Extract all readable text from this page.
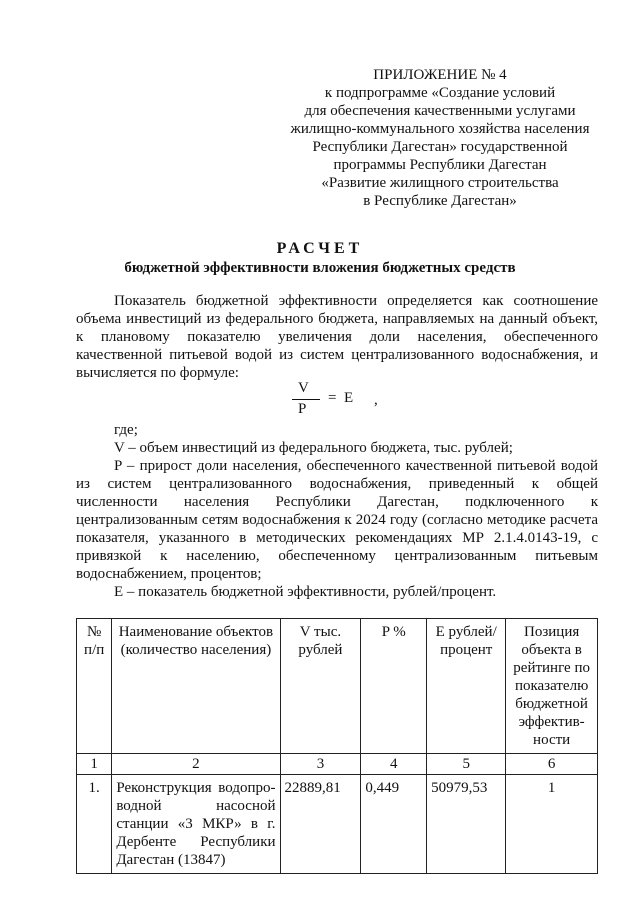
ПРИЛОЖЕНИЕ № 4
к подпрограмме «Создание условий
для обеспечения качественными услугами
жилищно-коммунального хозяйства населения
Республики Дагестан» государственной
программы Республики Дагестан
«Развитие жилищного строительства
в Республике Дагестан»
РАСЧЕТ
бюджетной эффективности вложения бюджетных средств

Показатель бюджетной эффективности определяется как соотношение объема инвестиций из федерального бюджета, направляемых на данный объект, к плановому показателю увеличения доли населения, обеспеченного качественной питьевой водой из систем централизованного водоснабжения, и вычисляется по формуле:

V
P
= E ,

где;

V – объем инвестиций из федерального бюджета, тыс. рублей;

P – прирост доли населения, обеспеченного качественной питьевой водой из систем централизованного водоснабжения, приведенный к общей численности населения Республики Дагестан, подключенного к централизованным сетям водоснабжения к 2024 году (согласно методике расчета показателя, указанного в методических рекомендациях МР 2.1.4.0143-19, с привязкой к населению, обеспеченному централизованным питьевым водоснабжением, процентов;

Е – показатель бюджетной эффективности, рублей/процент.

№ п/п	Наименование объектов (количество населения)	V тыс. рублей	P %	E рублей/ процент	Позиция объекта в рейтинге по показателю бюджетной эффектив-ности
1	2	3	4	5	6
1.	Реконструкция водопро-водной насосной станции «3 МКР» в г. Дербенте Республики Дагестан (13847)	22889,81	0,449	50979,53	1
